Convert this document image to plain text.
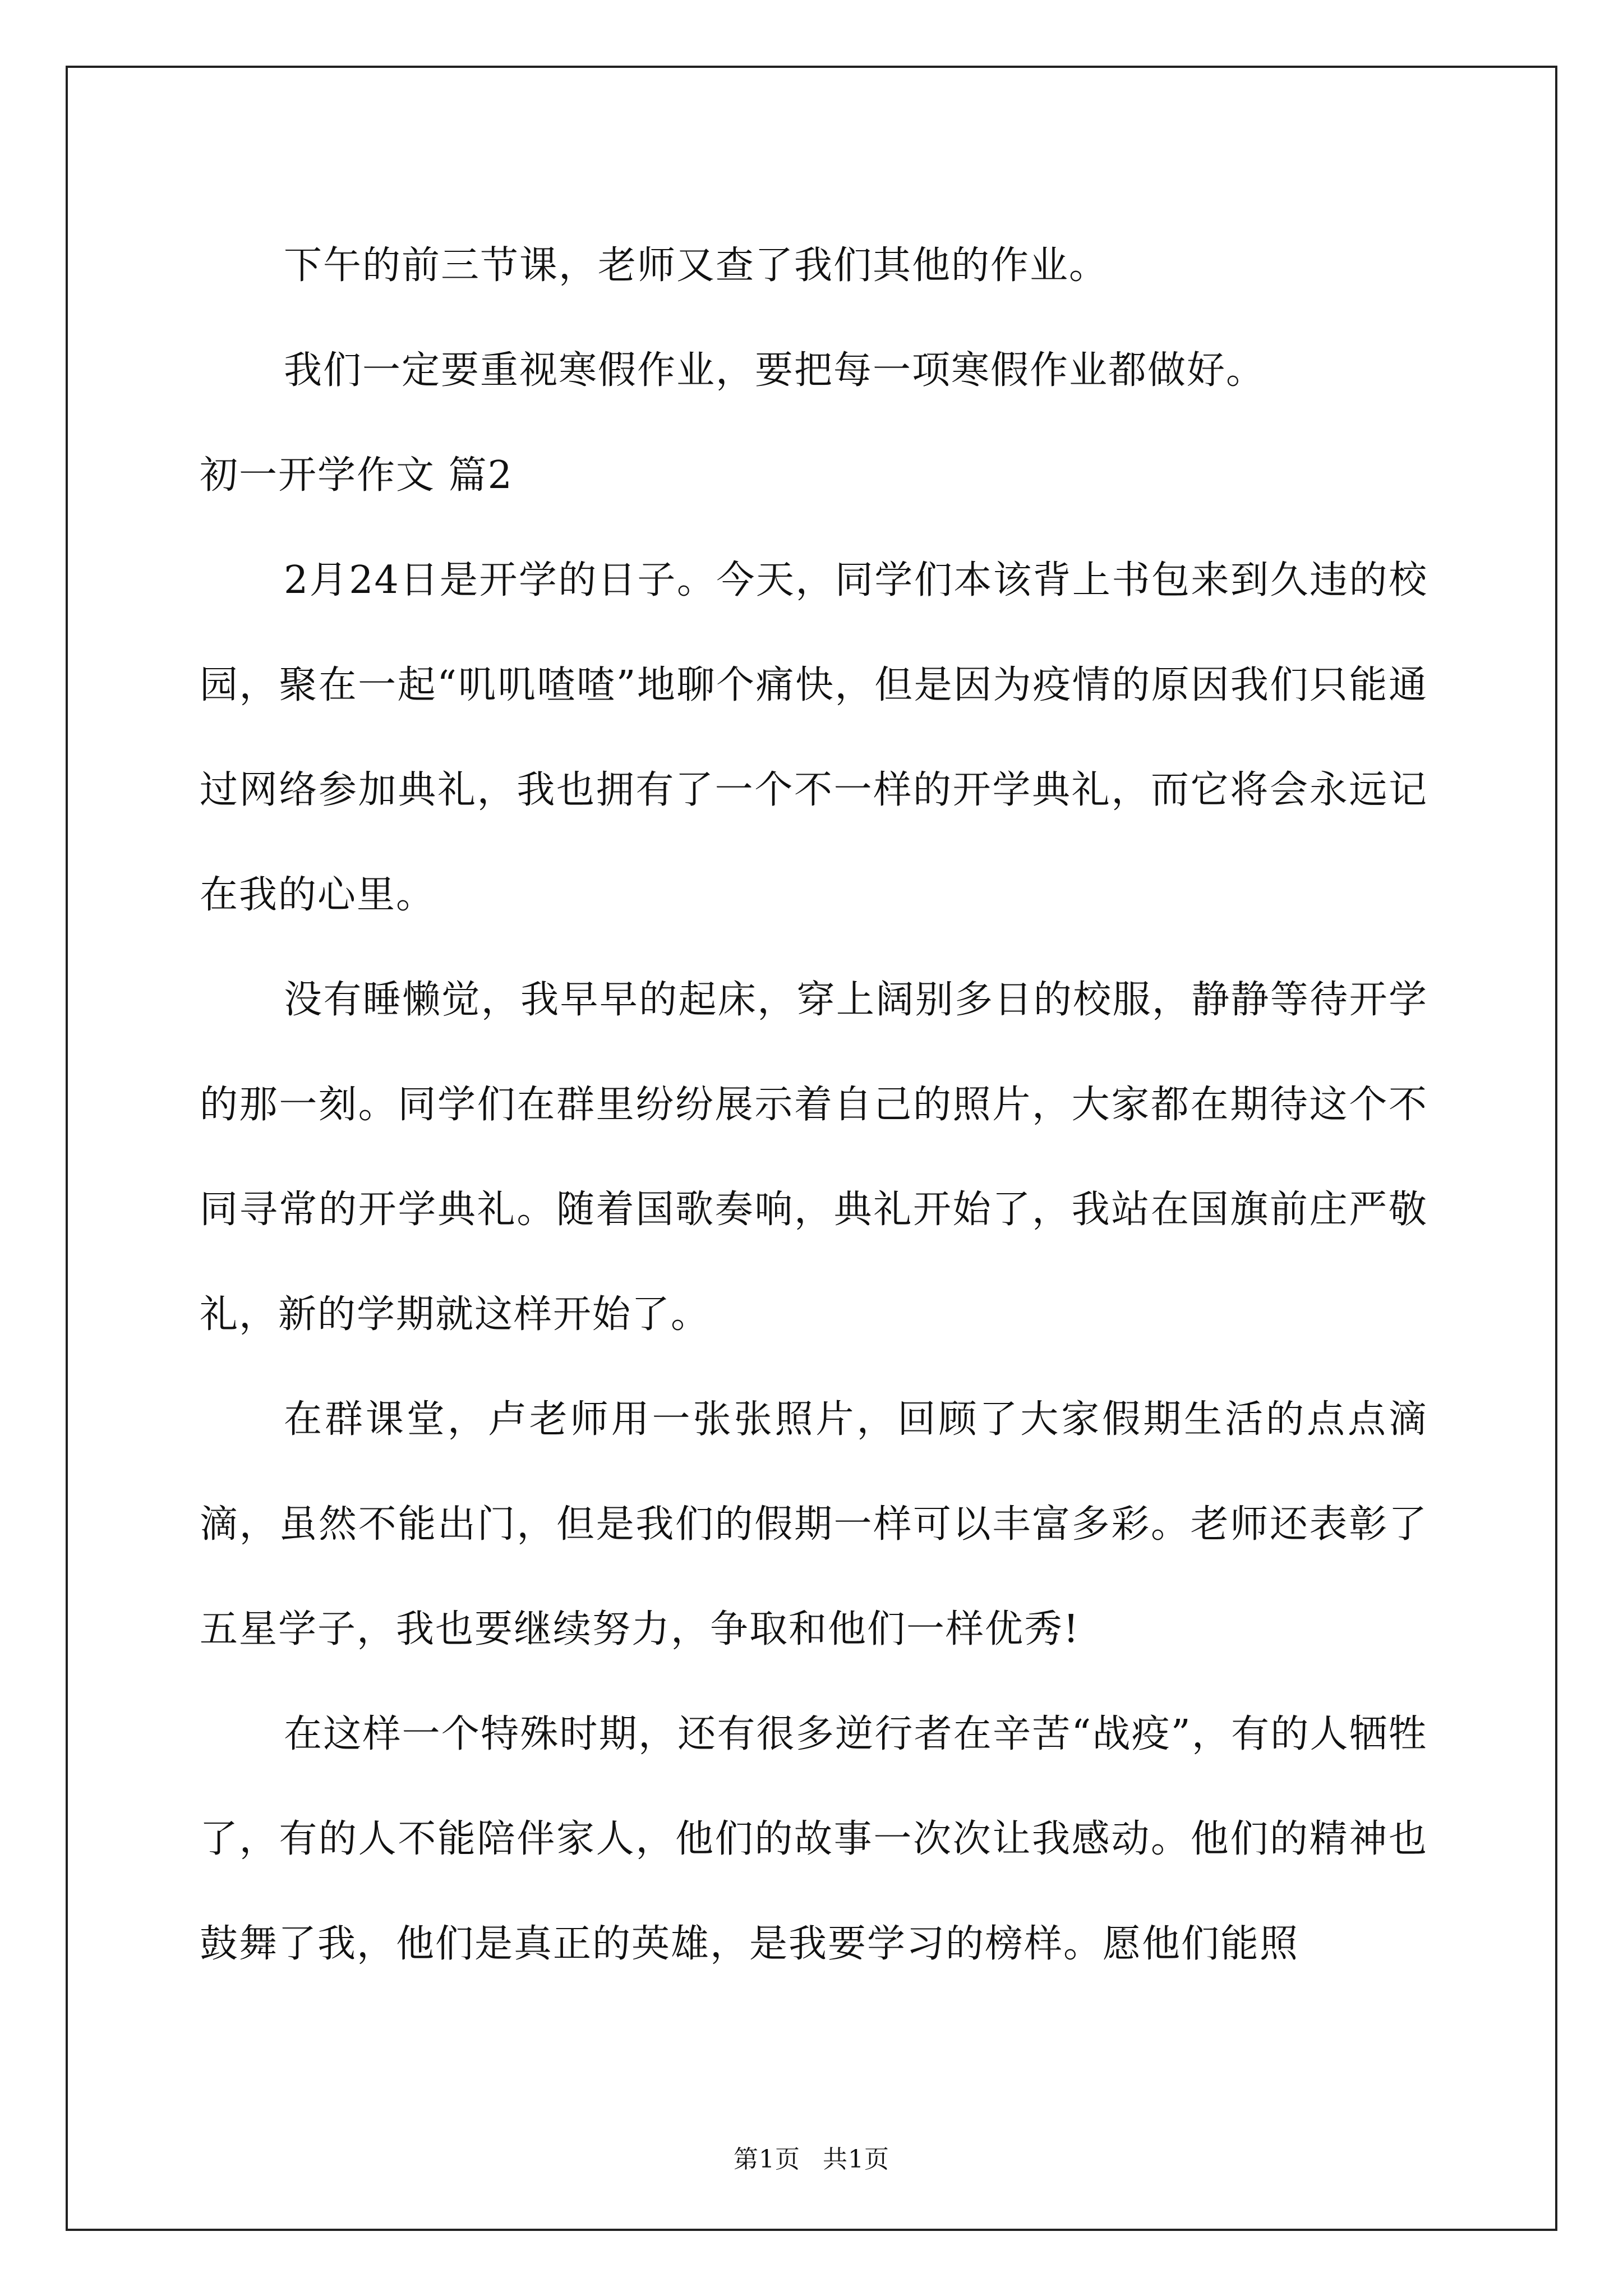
下午的前三节课，老师又查了我们其他的作业。

我们一定要重视寒假作业，要把每一项寒假作业都做好。

初一开学作文 篇2

2月24日是开学的日子。今天，同学们本该背上书包来到久违的校园，聚在一起“叽叽喳喳”地聊个痛快，但是因为疫情的原因我们只能通过网络参加典礼，我也拥有了一个不一样的开学典礼，而它将会永远记在我的心里。

没有睡懒觉，我早早的起床，穿上阔别多日的校服，静静等待开学的那一刻。同学们在群里纷纷展示着自己的照片，大家都在期待这个不同寻常的开学典礼。随着国歌奏响，典礼开始了，我站在国旗前庄严敬礼，新的学期就这样开始了。

在群课堂，卢老师用一张张照片，回顾了大家假期生活的点点滴滴，虽然不能出门，但是我们的假期一样可以丰富多彩。老师还表彰了五星学子，我也要继续努力，争取和他们一样优秀!

在这样一个特殊时期，还有很多逆行者在辛苦“战疫”，有的人牺牲了，有的人不能陪伴家人，他们的故事一次次让我感动。他们的精神也鼓舞了我，他们是真正的英雄，是我要学习的榜样。愿他们能照

第1页 共1页
